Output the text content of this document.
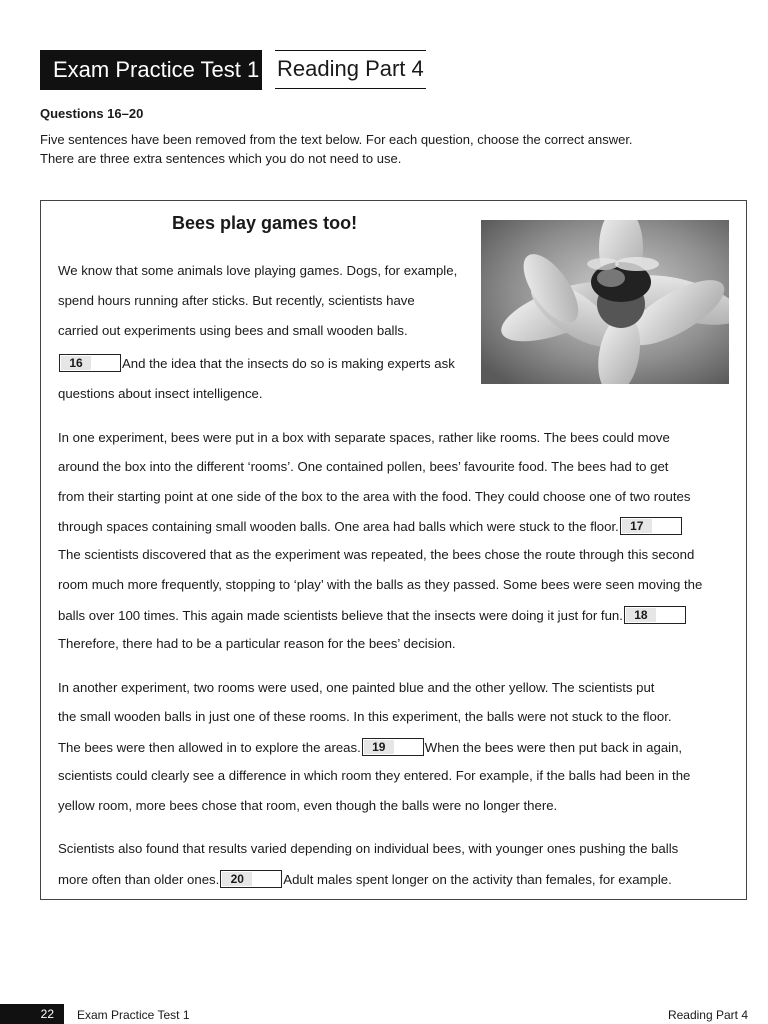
Exam Practice Test 1 Reading Part 4
Questions 16–20
Five sentences have been removed from the text below. For each question, choose the correct answer.
There are three extra sentences which you do not need to use.
Bees play games too!
We know that some animals love playing games. Dogs, for example,
spend hours running after sticks. But recently, scientists have
carried out experiments using bees and small wooden balls.
16	And the idea that the insects do so is making experts ask
questions about insect intelligence.
In one experiment, bees were put in a box with separate spaces, rather like rooms. The bees could move
around the box into the different ‘rooms’. One contained pollen, bees’ favourite food. The bees had to get
from their starting point at one side of the box to the area with the food. They could choose one of two routes
through spaces containing small wooden balls. One area had balls which were stuck to the floor. 17
The scientists discovered that as the experiment was repeated, the bees chose the route through this second
room much more frequently, stopping to ‘play’ with the balls as they passed. Some bees were seen moving the
balls over 100 times. This again made scientists believe that the insects were doing it just for fun. 18
Therefore, there had to be a particular reason for the bees’ decision.
In another experiment, two rooms were used, one painted blue and the other yellow. The scientists put
the small wooden balls in just one of these rooms. In this experiment, the balls were not stuck to the floor.
The bees were then allowed in to explore the areas. 19	When the bees were then put back in again,
scientists could clearly see a difference in which room they entered. For example, if the balls had been in the
yellow room, more bees chose that room, even though the balls were no longer there.
Scientists also found that results varied depending on individual bees, with younger ones pushing the balls
more often than older ones. 20	Adult males spent longer on the activity than females, for example.
22	Exam Practice Test 1	Reading Part 4
